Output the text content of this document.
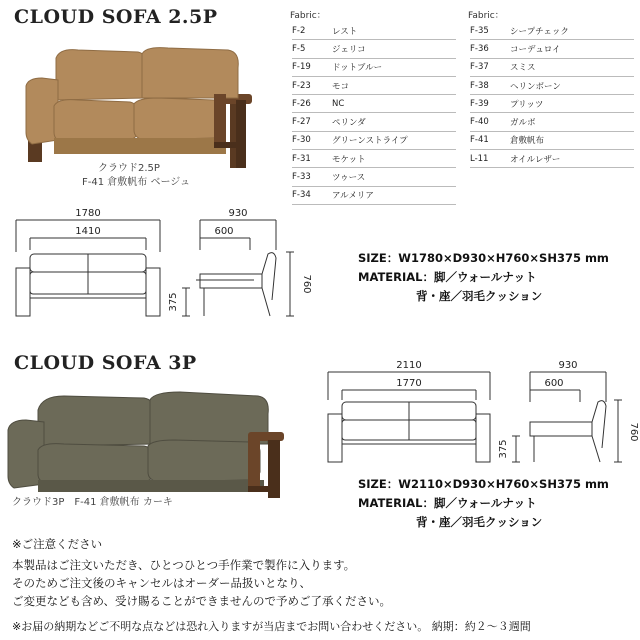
CLOUD SOFA 2.5P
クラウド2.5P
F-41 倉敷帆布 ベージュ
Fabric：	Fabric：
F-2	レスト
F-5	ジェリコ
F-19	ドットブルー
F-23	モコ
F-26	NC
F-27	ペリンダ
F-30	グリーンストライプ
F-31	モケット
F-33	ツゥース
F-34	アルメリア
F-35	シープチェック
F-36	コーデュロイ
F-37	スミス
F-38	ヘリンボーン
F-39	プリッツ
F-40	ガルボ
F-41	倉敷帆布
L-11	オイルレザー
1780
1410
930
600
760
375
SIZE：W1780×D930×H760×SH375 mm
MATERIAL：脚／ウォールナット
背・座／羽毛クッション
CLOUD SOFA 3P
クラウド3P　F-41 倉敷帆布 カーキ
2110
1770
930
600
760
375
SIZE：W2110×D930×H760×SH375 mm
MATERIAL：脚／ウォールナット
背・座／羽毛クッション
※ご注意ください
本製品はご注文いただき、ひとつひとつ手作業で製作に入ります。
そのためご注文後のキャンセルはオーダー品扱いとなり、
ご変更なども含め、受け賜ることができませんので予めご了承ください。
※お届の納期などご不明な点などは恐れ入りますが当店までお問い合わせください。 納期：約２～３週間
